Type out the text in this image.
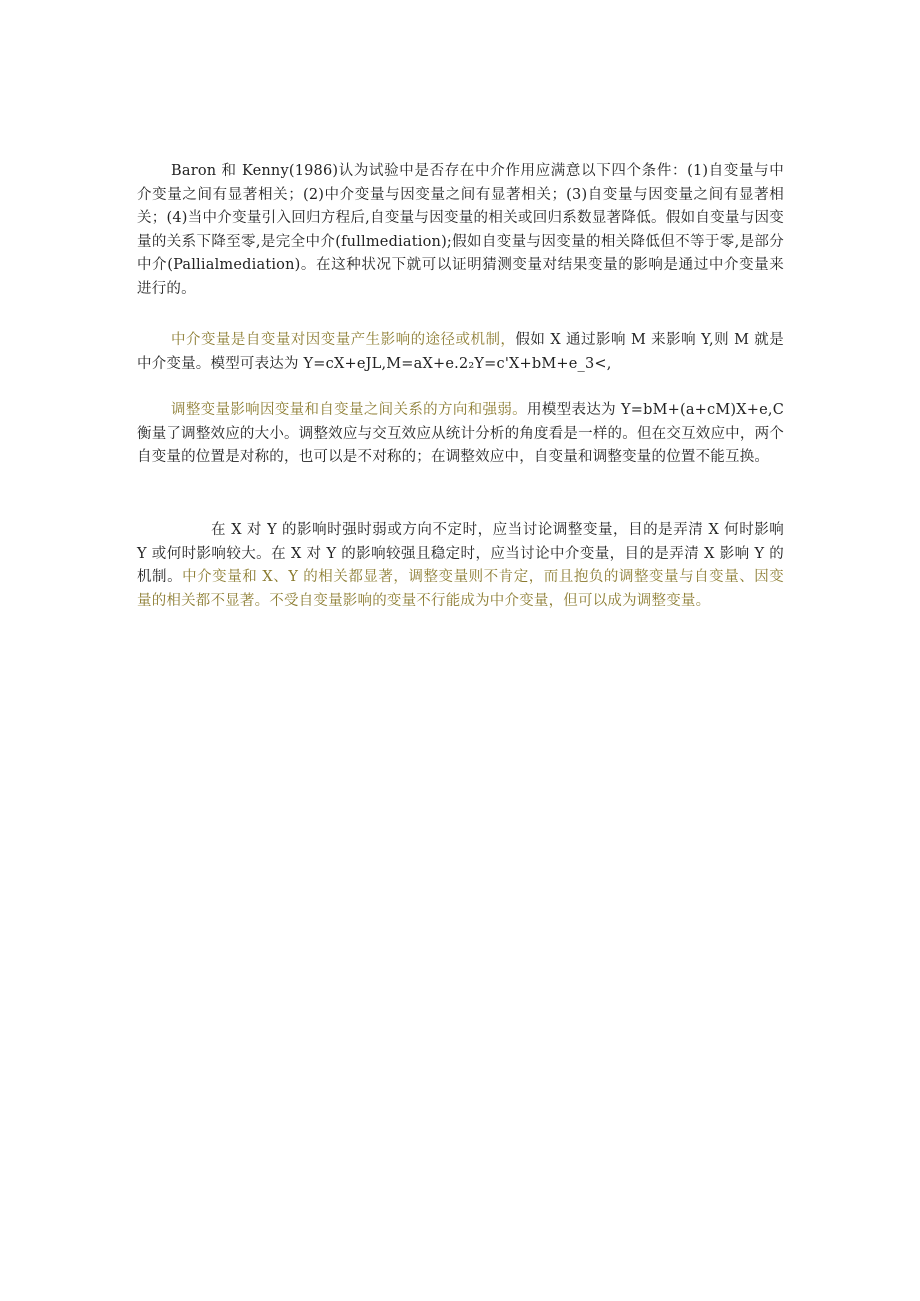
Baron 和 Kenny(1986)认为试验中是否存在中介作用应满意以下四个条件：(1)自变量与中介变量之间有显著相关；(2)中介变量与因变量之间有显著相关；(3)自变量与因变量之间有显著相关；(4)当中介变量引入回归方程后,自变量与因变量的相关或回归系数显著降低。假如自变量与因变量的关系下降至零,是完全中介(fullmediation);假如自变量与因变量的相关降低但不等于零,是部分中介(Pallialmediation)。在这种状况下就可以证明猜测变量对结果变量的影响是通过中介变量来进行的。

中介变量是自变量对因变量产生影响的途径或机制，假如 X 通过影响 M 来影响 Y,则 M 就是中介变量。模型可表达为 Y=cX+eJL,M=aX+e.2₂Y=c'X+bM+e_3<,

调整变量影响因变量和自变量之间关系的方向和强弱。用模型表达为 Y=bM+(a+cM)X+e,C 衡量了调整效应的大小。调整效应与交互效应从统计分析的角度看是一样的。但在交互效应中，两个自变量的位置是对称的，也可以是不对称的；在调整效应中，自变量和调整变量的位置不能互换。

在 X 对 Y 的影响时强时弱或方向不定时，应当讨论调整变量，目的是弄清 X 何时影响 Y 或何时影响较大。在 X 对 Y 的影响较强且稳定时，应当讨论中介变量，目的是弄清 X 影响 Y 的机制。中介变量和 X、Y 的相关都显著，调整变量则不肯定，而且抱负的调整变量与自变量、因变量的相关都不显著。不受自变量影响的变量不行能成为中介变量，但可以成为调整变量。
